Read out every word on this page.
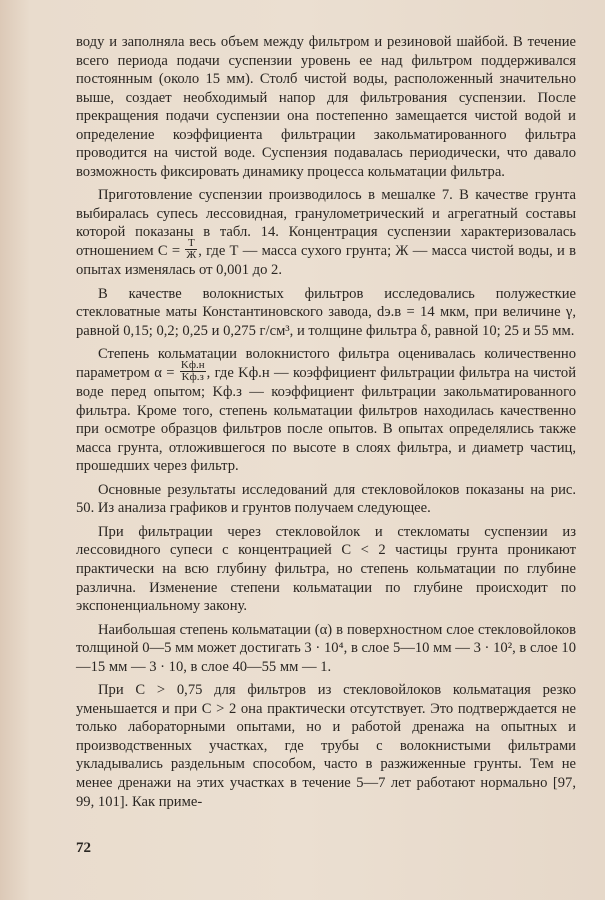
воду и заполняла весь объем между фильтром и резиновой шайбой. В течение всего периода подачи суспензии уровень ее над фильтром поддерживался постоянным (около 15 мм). Столб чистой воды, расположенный значительно выше, создает необходимый напор для фильтрования суспензии. После прекращения подачи суспензии она постепенно замещается чистой водой и определение коэффициента фильтрации закольматированного фильтра проводится на чистой воде. Суспензия подавалась периодически, что давало возможность фиксировать динамику процесса кольматации фильтра.

Приготовление суспензии производилось в мешалке 7. В качестве грунта выбиралась супесь лессовидная, гранулометрический и агрегатный составы которой показаны в табл. 14. Концентрация суспензии характеризовалась отношением $C = \frac{Т}{Ж}$ , где Т — масса сухого грунта; Ж — масса чистой воды, и в опытах изменялась от 0,001 до 2.

В качестве волокнистых фильтров исследовались полужесткие стекловатные маты Константиновского завода, dэ.в = 14 мкм, при величине γ, равной 0,15; 0,2; 0,25 и 0,275 г/см³, и толщине фильтра δ, равной 10; 25 и 55 мм.

Степень кольматации волокнистого фильтра оценивалась количественно параметром $\alpha = \frac{Kф.н}{Kф.з}$ , где Kф.н — коэффициент фильтрации фильтра на чистой воде перед опытом; Kф.з — коэффициент фильтрации закольматированного фильтра. Кроме того, степень кольматации фильтров находилась качественно при осмотре образцов фильтров после опытов. В опытах определялись также масса грунта, отложившегося по высоте в слоях фильтра, и диаметр частиц, прошедших через фильтр.

Основные результаты исследований для стекловойлоков показаны на рис. 50. Из анализа графиков и грунтов получаем следующее.

При фильтрации через стекловойлок и стекломаты суспензии из лессовидного супеси с концентрацией C < 2 частицы грунта проникают практически на всю глубину фильтра, но степень кольматации по глубине различна. Изменение степени кольматации по глубине происходит по экспоненциальному закону.

Наибольшая степень кольматации (α) в поверхностном слое стекловойлоков толщиной 0—5 мм может достигать 3 · 10⁴, в слое 5—10 мм — 3 · 10², в слое 10—15 мм — 3 · 10, в слое 40—55 мм — 1.

При C > 0,75 для фильтров из стекловойлоков кольматация резко уменьшается и при C > 2 она практически отсутствует. Это подтверждается не только лабораторными опытами, но и работой дренажа на опытных и производственных участках, где трубы с волокнистыми фильтрами укладывались раздельным способом, часто в разжиженные грунты. Тем не менее дренажи на этих участках в течение 5—7 лет работают нормально [97, 99, 101]. Как приме-

72
